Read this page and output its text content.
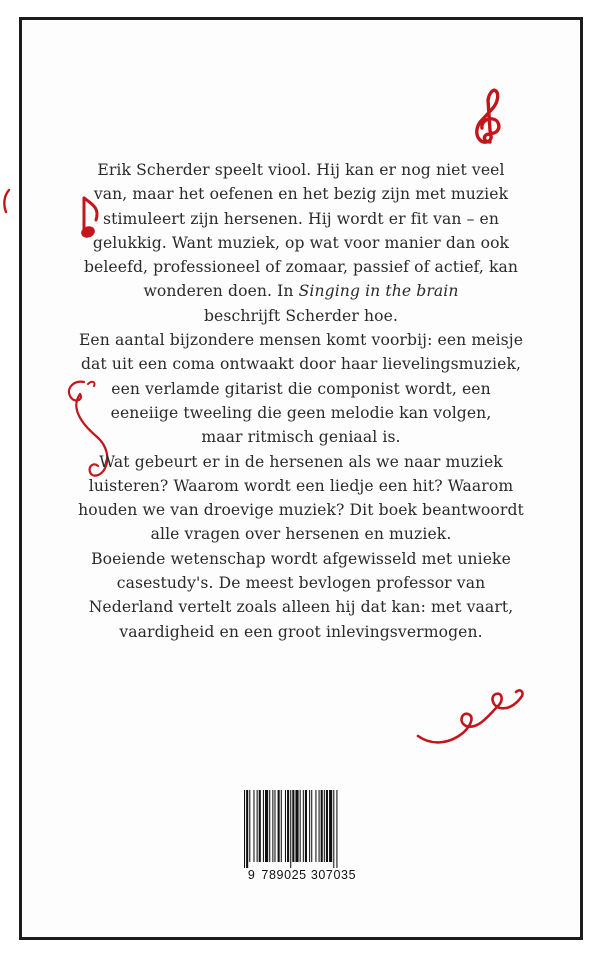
Erik Scherder speelt viool. Hij kan er nog niet veel
van, maar het oefenen en het bezig zijn met muziek
stimuleert zijn hersenen. Hij wordt er fit van – en
gelukkig. Want muziek, op wat voor manier dan ook
beleefd, professioneel of zomaar, passief of actief, kan
wonderen doen. In Singing in the brain
beschrijft Scherder hoe.

Een aantal bijzondere mensen komt voorbij: een meisje
dat uit een coma ontwaakt door haar lievelingsmuziek,
een verlamde gitarist die componist wordt, een
eeneiige tweeling die geen melodie kan volgen,
maar ritmisch geniaal is.

Wat gebeurt er in de hersenen als we naar muziek
luisteren? Waarom wordt een liedje een hit? Waarom
houden we van droevige muziek? Dit boek beantwoordt
alle vragen over hersenen en muziek.

Boeiende wetenschap wordt afgewisseld met unieke
casestudy's. De meest bevlogen professor van
Nederland vertelt zoals alleen hij dat kan: met vaart,
vaardigheid en een groot inlevingsvermogen.

9 789025 307035
